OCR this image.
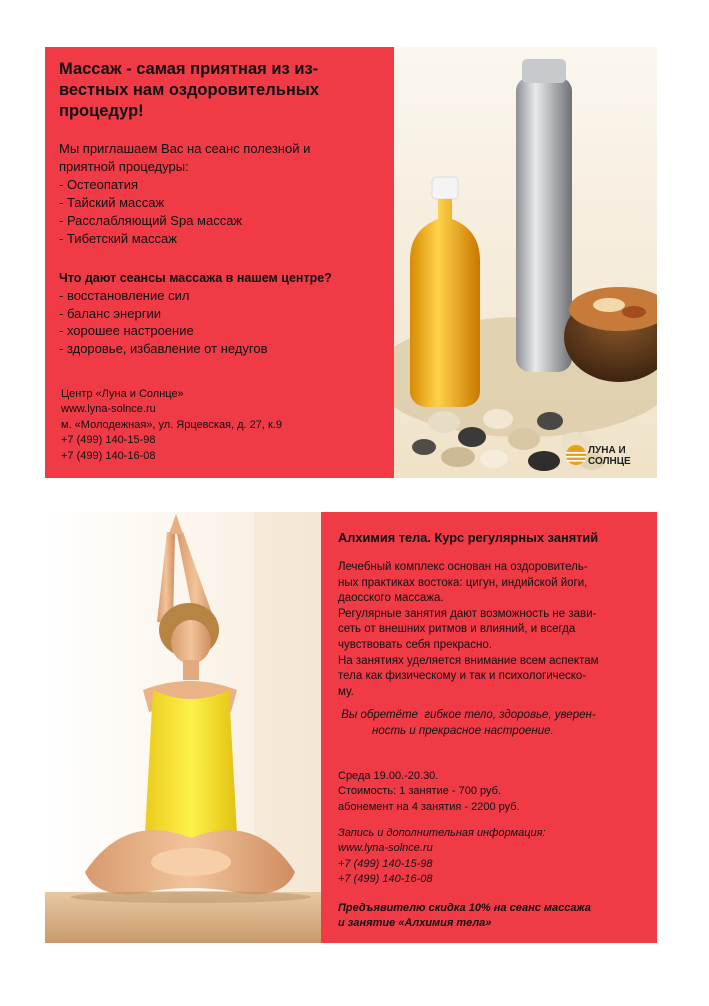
Массаж - самая приятная из из-
вестных нам оздоровительных
процедур!
Мы приглашаем Вас на сеанс полезной и
приятной процедуры:
- Остеопатия
- Тайский массаж
- Расслабляющий Spa массаж
- Тибетский массаж
Что дают сеансы массажа в нашем центре?
- восстановление сил
- баланс энергии
- хорошее настроение
- здоровье, избавление от недугов
Центр «Луна и Солнце»
www.lyna-solnce.ru
м. «Молодежная», ул. Ярцевская, д. 27, к.9
+7 (499) 140-15-98
+7 (499) 140-16-08	ЛУНА И
СОЛНЦЕ
Алхимия тела. Курс регулярных занятий
Лечебный комплекс основан на оздоровитель-
ных практиках востока: цигун, индийской йоги,
даосского массажа.
Регулярные занятия дают возможность не зави-
сеть от внешних ритмов и влияний, и всегда
чувствовать себя прекрасно.
На занятиях уделяется внимание всем аспектам
тела как физическому и так и психологическо-
му.
Вы обретёте  гибкое тело, здоровье, уверен-
ность и прекрасное настроение.
Среда 19.00.-20.30.
Стоимость: 1 занятие - 700 руб.
абонемент на 4 занятия - 2200 руб.
Запись и дополнительная информация:
www.lyna-solnce.ru
+7 (499) 140-15-98
+7 (499) 140-16-08
Предъявителю скидка 10% на сеанс массажа
и занятие «Алхимия тела»
